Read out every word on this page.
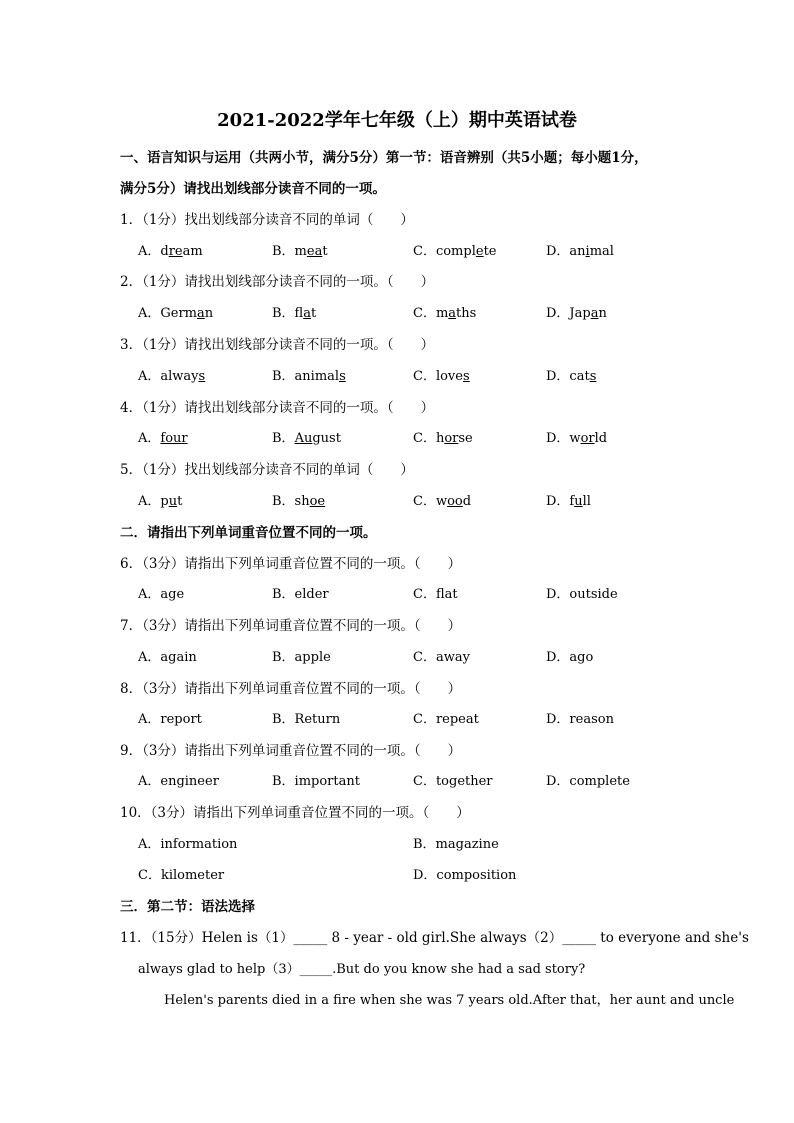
2021-2022学年七年级（上）期中英语试卷
一、语言知识与运用（共两小节，满分5分）第一节：语音辨别（共5小题；每小题1分，
满分5分）请找出划线部分读音不同的一项。
1．（1分）找出划线部分读音不同的单词（　　）
A．dream	B．meat	C．complete	D．animal
2．（1分）请找出划线部分读音不同的一项。（　　）
A．German	B．flat	C．maths	D．Japan
3．（1分）请找出划线部分读音不同的一项。（　　）
A．always	B．animals	C．loves	D．cats
4．（1分）请找出划线部分读音不同的一项。（　　）
A．four	B．August	C．horse	D．world
5．（1分）找出划线部分读音不同的单词（　　）
A．put	B．shoe	C．wood	D．full
二．请指出下列单词重音位置不同的一项。
6．（3分）请指出下列单词重音位置不同的一项。（　　）
A．age	B．elder	C．flat	D．outside
7．（3分）请指出下列单词重音位置不同的一项。（　　）
A．again	B．apple	C．away	D．ago
8．（3分）请指出下列单词重音位置不同的一项。（　　）
A．report	B．Return	C．repeat	D．reason
9．（3分）请指出下列单词重音位置不同的一项。（　　）
A．engineer	B．important	C．together	D．complete
10．（3分）请指出下列单词重音位置不同的一项。（　　）
A．information	B．magazine
C．kilometer	D．composition
三．第二节：语法选择
11．（15分）Helen is（1）_____ 8 - year - old girl.She always（2）_____ to everyone and she's
always glad to help（3）_____.But do you know she had a sad story?
Helen's parents died in a fire when she was 7 years old.After that，her aunt and uncle
